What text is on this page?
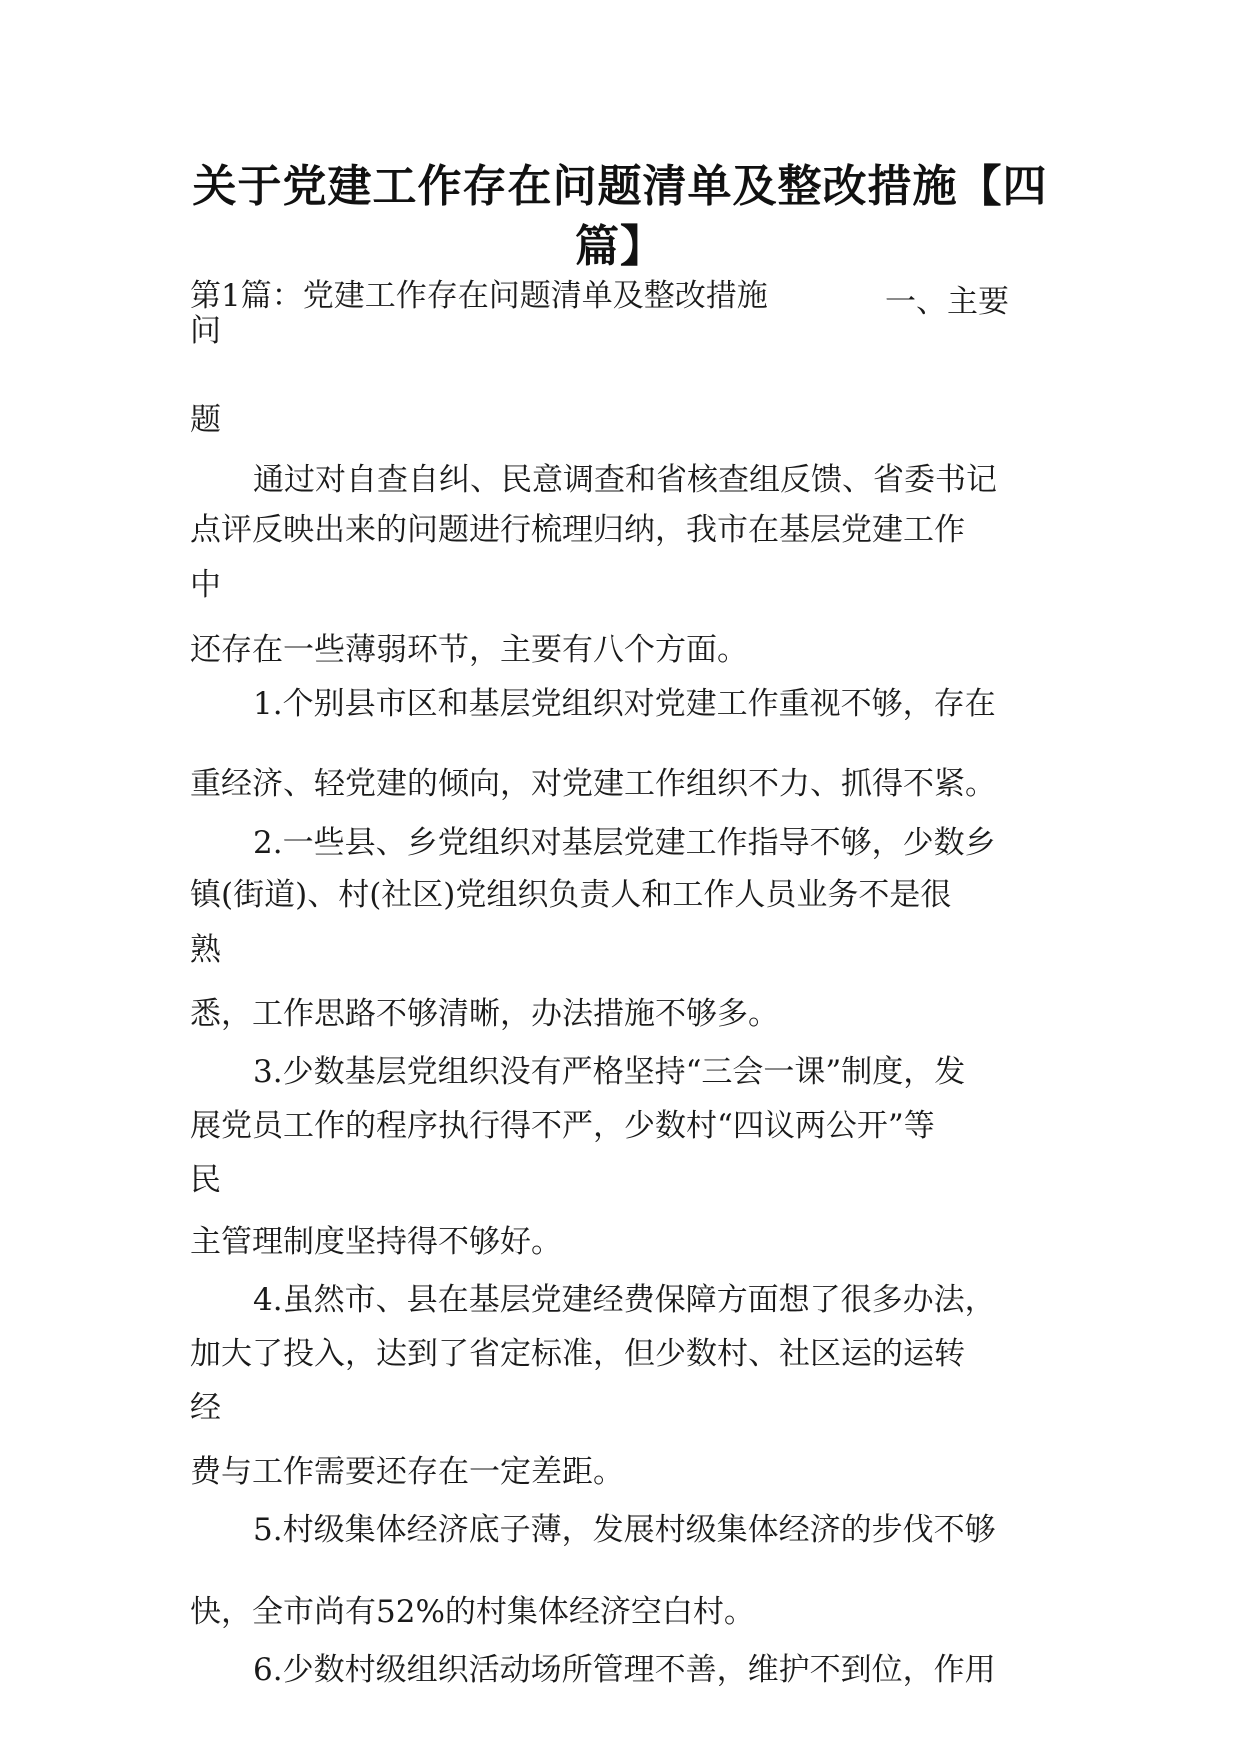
关于党建工作存在问题清单及整改措施【四
篇】
第1篇：党建工作存在问题清单及整改措施	一、主要
问
题
通过对自查自纠、民意调查和省核查组反馈、省委书记
点评反映出来的问题进行梳理归纳，我市在基层党建工作
中
还存在一些薄弱环节，主要有八个方面。
1.个别县市区和基层党组织对党建工作重视不够，存在
重经济、轻党建的倾向，对党建工作组织不力、抓得不紧。
2.一些县、乡党组织对基层党建工作指导不够，少数乡
镇(街道)、村(社区)党组织负责人和工作人员业务不是很
熟
悉，工作思路不够清晰，办法措施不够多。
3.少数基层党组织没有严格坚持“三会一课”制度，发
展党员工作的程序执行得不严，少数村“四议两公开”等
民
主管理制度坚持得不够好。
4.虽然市、县在基层党建经费保障方面想了很多办法，
加大了投入，达到了省定标准，但少数村、社区运的运转
经
费与工作需要还存在一定差距。
5.村级集体经济底子薄，发展村级集体经济的步伐不够
快，全市尚有52%的村集体经济空白村。
6.少数村级组织活动场所管理不善，维护不到位，作用
